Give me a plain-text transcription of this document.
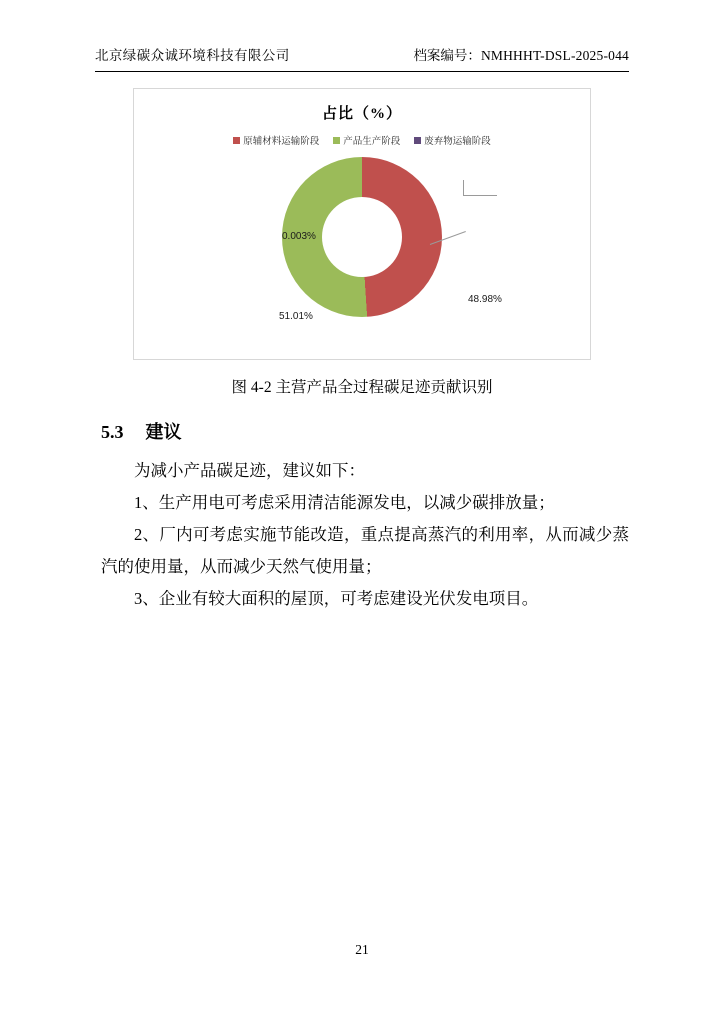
北京绿碳众诚环境科技有限公司	档案编号：NMHHHT-DSL-2025-044
占比（%）
原辅材料运输阶段	产品生产阶段	废弃物运输阶段
0.003%
48.98%
51.01%
图 4-2 主营产品全过程碳足迹贡献识别
5.3 建议

为减小产品碳足迹，建议如下：

1、生产用电可考虑采用清洁能源发电，以减少碳排放量；

2、厂内可考虑实施节能改造，重点提高蒸汽的利用率，从而减少蒸汽的使用量，从而减少天然气使用量；

3、企业有较大面积的屋顶，可考虑建设光伏发电项目。

21
